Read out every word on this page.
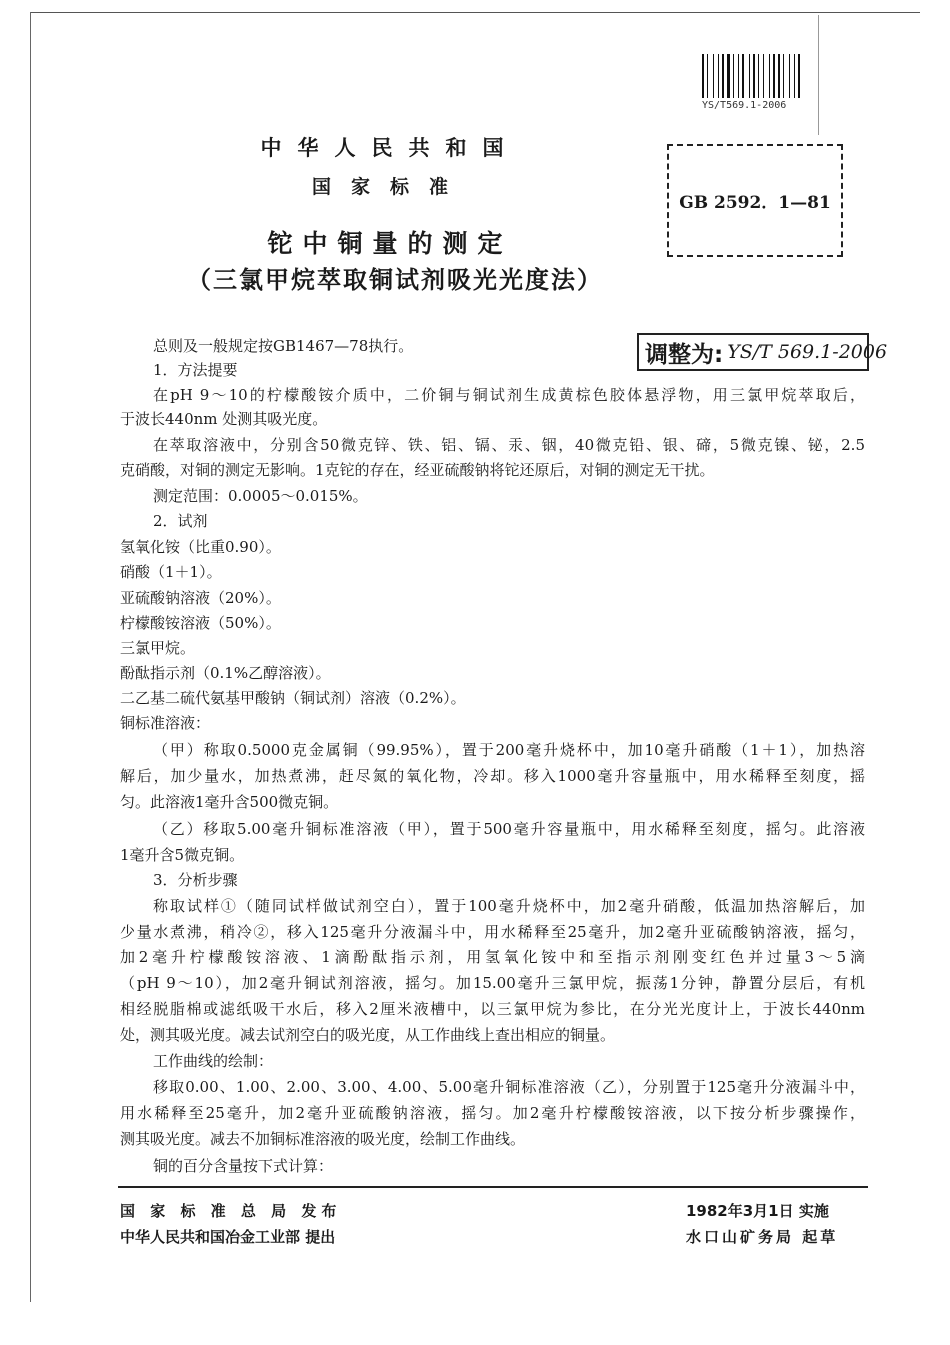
YS/T569.1-2006
中华人民共和国
国家标准
铊中铜量的测定
（三氯甲烷萃取铜试剂吸光光度法）
GB 2592．1—81
调整为: YS/T 569.1-2006
总则及一般规定按GB1467—78执行。
1．方法提要
在pH 9～10的柠檬酸铵介质中，二价铜与铜试剂生成黄棕色胶体悬浮物，用三氯甲烷萃取后，
于波长440nm 处测其吸光度。
在萃取溶液中，分别含50微克锌、铁、铝、镉、汞、铟，40微克铅、银、碲，5微克镍、铋，2.5
克硝酸，对铜的测定无影响。1克铊的存在，经亚硫酸钠将铊还原后，对铜的测定无干扰。
测定范围：0.0005～0.015%。
2．试剂
氢氧化铵（比重0.90）。
硝酸（1＋1）。
亚硫酸钠溶液（20%）。
柠檬酸铵溶液（50%）。
三氯甲烷。
酚酞指示剂（0.1%乙醇溶液）。
二乙基二硫代氨基甲酸钠（铜试剂）溶液（0.2%）。
铜标准溶液：
（甲）称取0.5000克金属铜（99.95%），置于200毫升烧杯中，加10毫升硝酸（1＋1），加热溶
解后，加少量水，加热煮沸，赶尽氮的氧化物，冷却。移入1000毫升容量瓶中，用水稀释至刻度，摇
匀。此溶液1毫升含500微克铜。
（乙）移取5.00毫升铜标准溶液（甲），置于500毫升容量瓶中，用水稀释至刻度，摇匀。此溶液
1毫升含5微克铜。
3．分析步骤
称取试样①（随同试样做试剂空白），置于100毫升烧杯中，加2毫升硝酸，低温加热溶解后，加
少量水煮沸，稍冷②，移入125毫升分液漏斗中，用水稀释至25毫升，加2毫升亚硫酸钠溶液，摇匀，
加2毫升柠檬酸铵溶液、1滴酚酞指示剂，用氢氧化铵中和至指示剂刚变红色并过量3～5滴
（pH 9～10），加2毫升铜试剂溶液，摇匀。加15.00毫升三氯甲烷，振荡1分钟，静置分层后，有机
相经脱脂棉或滤纸吸干水后，移入2厘米液槽中，以三氯甲烷为参比，在分光光度计上，于波长440nm
处，测其吸光度。减去试剂空白的吸光度，从工作曲线上查出相应的铜量。
工作曲线的绘制：
移取0.00、1.00、2.00、3.00、4.00、5.00毫升铜标准溶液（乙），分别置于125毫升分液漏斗中，
用水稀释至25毫升，加2毫升亚硫酸钠溶液，摇匀。加2毫升柠檬酸铵溶液，以下按分析步骤操作，
测其吸光度。减去不加铜标准溶液的吸光度，绘制工作曲线。
铜的百分含量按下式计算：
国 家 标 准 总 局 发布
中华人民共和国冶金工业部 提出
1982年3月1日 实施
水口山矿务局 起草
